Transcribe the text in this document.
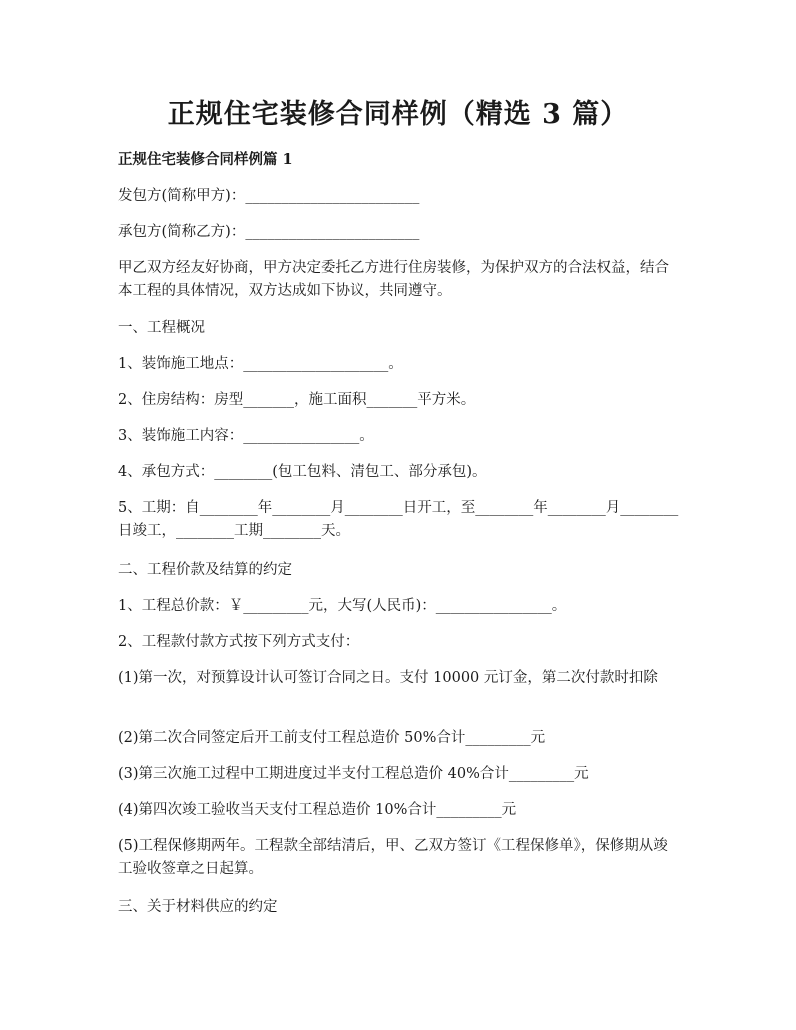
正规住宅装修合同样例（精选 3 篇）

正规住宅装修合同样例篇 1

发包方(简称甲方)：________________________

承包方(简称乙方)：________________________

甲乙双方经友好协商，甲方决定委托乙方进行住房装修，为保护双方的合法权益，结合本工程的具体情况，双方达成如下协议，共同遵守。

一、工程概况

1、装饰施工地点：____________________。

2、住房结构：房型_______，施工面积_______平方米。

3、装饰施工内容：________________。

4、承包方式：________(包工包料、清包工、部分承包)。

5、工期：自________年________月________日开工，至________年________月________日竣工，________工期________天。

二、工程价款及结算的约定

1、工程总价款：￥_________元，大写(人民币)：________________。

2、工程款付款方式按下列方式支付：

(1)第一次，对预算设计认可签订合同之日。支付 10000 元订金，第二次付款时扣除

(2)第二次合同签定后开工前支付工程总造价 50%合计_________元

(3)第三次施工过程中工期进度过半支付工程总造价 40%合计_________元

(4)第四次竣工验收当天支付工程总造价 10%合计_________元

(5)工程保修期两年。工程款全部结清后，甲、乙双方签订《工程保修单》，保修期从竣工验收签章之日起算。

三、关于材料供应的约定
